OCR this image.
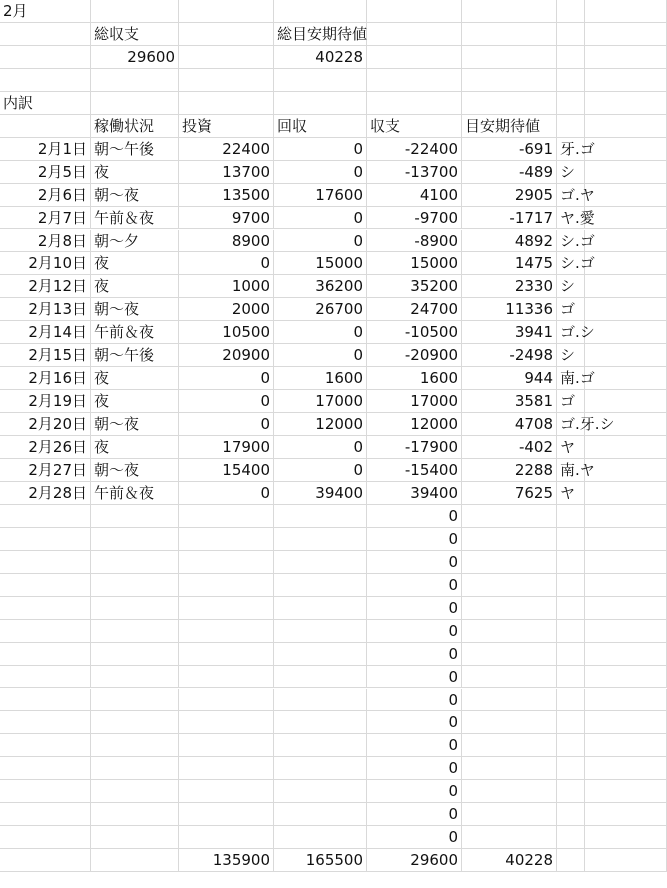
2月
総収支	総目安期待値
29600	40228
内訳
稼働状況	投資	回収	収支	目安期待値
2月1日 朝～午後	22400	0	-22400	-691 牙.ゴ
2月5日 夜	13700	0	-13700	-489 シ
2月6日 朝～夜	13500	17600	4100	2905 ゴ.ヤ
2月7日 午前＆夜	9700	0	-9700	-1717 ヤ.愛
2月8日 朝～夕	8900	0	-8900	4892 シ.ゴ
2月10日 夜	0	15000	15000	1475 シ.ゴ
2月12日 夜	1000	36200	35200	2330 シ
2月13日 朝～夜	2000	26700	24700	11336 ゴ
2月14日 午前＆夜	10500	0	-10500	3941 ゴ.シ
2月15日 朝～午後	20900	0	-20900	-2498 シ
2月16日 夜	0	1600	1600	944 南.ゴ
2月19日 夜	0	17000	17000	3581 ゴ
2月20日 朝～夜	0	12000	12000	4708 ゴ.牙.シ
2月26日 夜	17900	0	-17900	-402 ヤ
2月27日 朝～夜	15400	0	-15400	2288 南.ヤ
2月28日 午前＆夜	0	39400	39400	7625 ヤ
0
0
0
0
0
0
0
0
0
0
0
0
0
0
0
135900	165500	29600	40228
